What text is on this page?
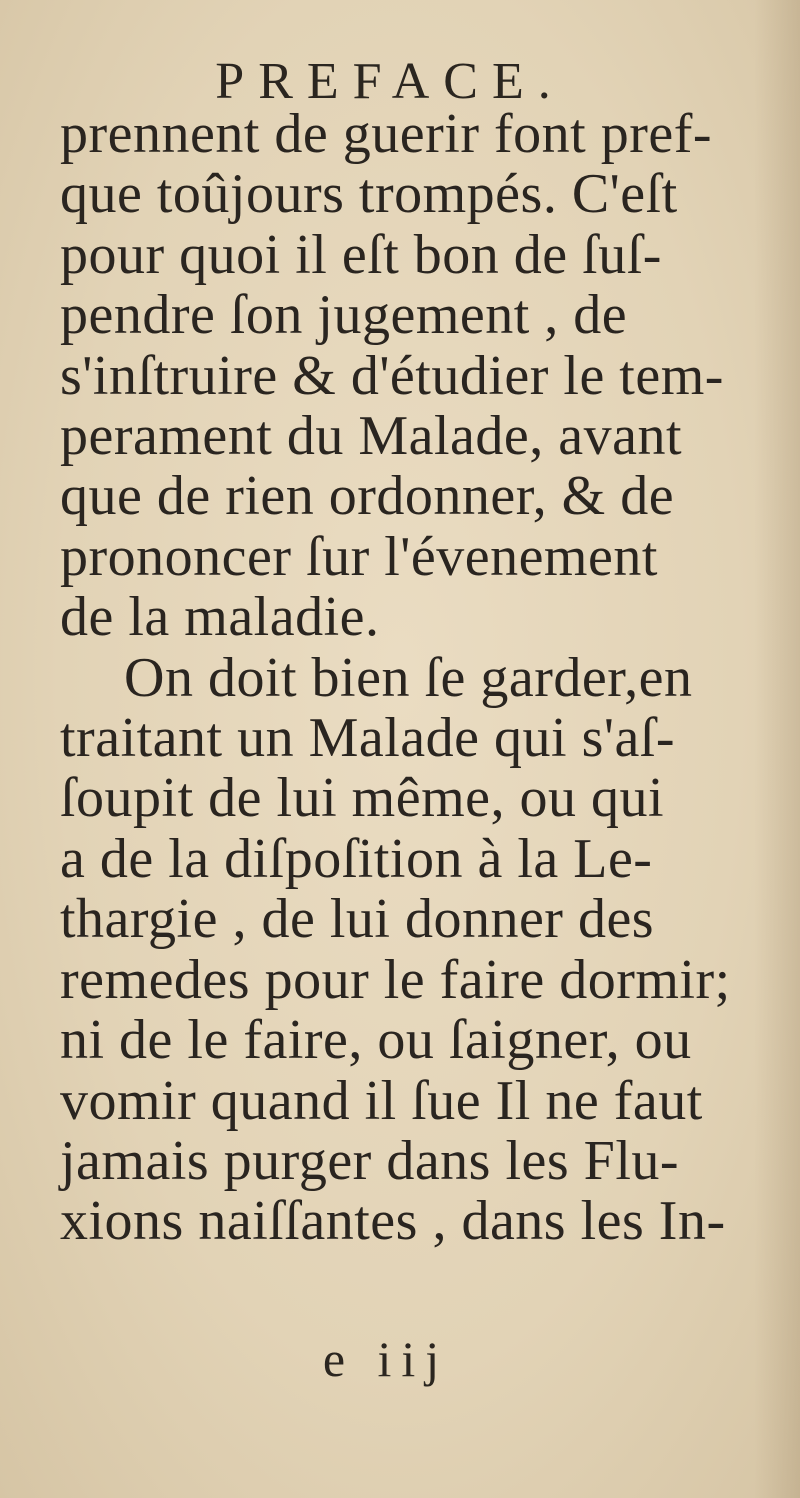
PREFACE.
prennent de guerir font pref-
que toûjours trompés. C'eſt
pour quoi il eſt bon de ſuſ-
pendre ſon jugement , de
s'inſtruire & d'étudier le tem-
perament du Malade, avant
que de rien ordonner, & de
prononcer ſur l'évenement
de la maladie.
On doit bien ſe garder,en
traitant un Malade qui s'aſ-
ſoupit de lui même, ou qui
a de la diſpoſition à la Le-
thargie , de lui donner des
remedes pour le faire dormir;
ni de le faire, ou ſaigner, ou
vomir quand il ſue Il ne faut
jamais purger dans les Flu-
xions naiſſantes , dans les In-
e iij
